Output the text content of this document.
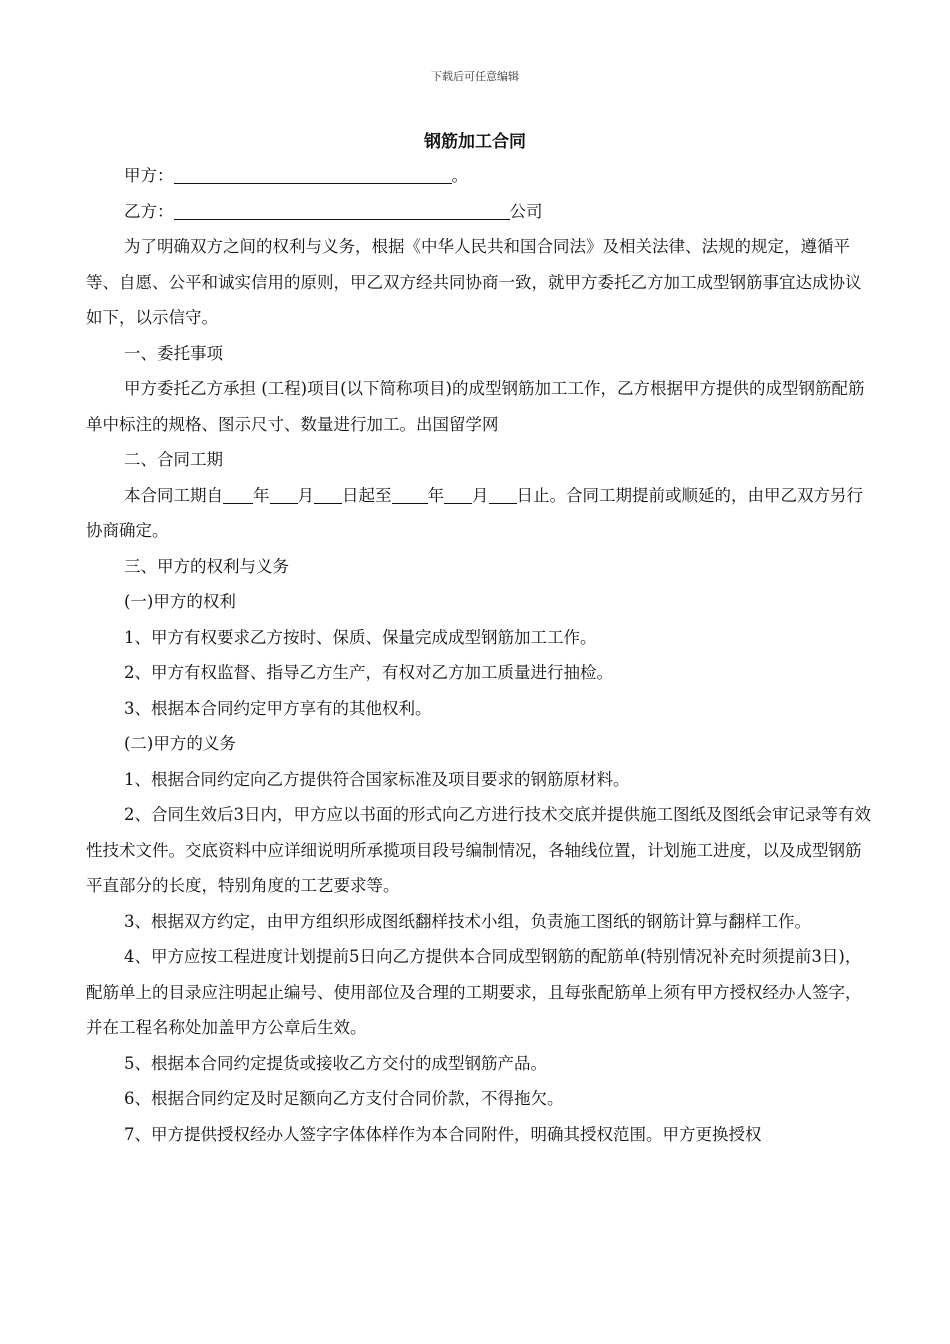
下载后可任意编辑
钢筋加工合同

甲方：	。

乙方：	公司

为了明确双方之间的权利与义务，根据《中华人民共和国合同法》及相关法律、法规的规定，遵循平等、自愿、公平和诚实信用的原则，甲乙双方经共同协商一致，就甲方委托乙方加工成型钢筋事宜达成协议如下，以示信守。

一、委托事项

甲方委托乙方承担 (工程)项目(以下简称项目)的成型钢筋加工工作，乙方根据甲方提供的成型钢筋配筋单中标注的规格、图示尺寸、数量进行加工。出国留学网

二、合同工期

本合同工期自 年 月 日起至 年 月 日止。合同工期提前或顺延的，由甲乙双方另行协商确定。

三、甲方的权利与义务

(一)甲方的权利

1、甲方有权要求乙方按时、保质、保量完成成型钢筋加工工作。

2、甲方有权监督、指导乙方生产，有权对乙方加工质量进行抽检。

3、根据本合同约定甲方享有的其他权利。

(二)甲方的义务

1、根据合同约定向乙方提供符合国家标准及项目要求的钢筋原材料。

2、合同生效后3日内，甲方应以书面的形式向乙方进行技术交底并提供施工图纸及图纸会审记录等有效性技术文件。交底资料中应详细说明所承揽项目段号编制情况，各轴线位置，计划施工进度，以及成型钢筋平直部分的长度，特别角度的工艺要求等。

3、根据双方约定，由甲方组织形成图纸翻样技术小组，负责施工图纸的钢筋计算与翻样工作。

4、甲方应按工程进度计划提前5日向乙方提供本合同成型钢筋的配筋单(特别情况补充时须提前3日)，配筋单上的目录应注明起止编号、使用部位及合理的工期要求，且每张配筋单上须有甲方授权经办人签字，并在工程名称处加盖甲方公章后生效。

5、根据本合同约定提货或接收乙方交付的成型钢筋产品。

6、根据合同约定及时足额向乙方支付合同价款，不得拖欠。

7、甲方提供授权经办人签字字体体样作为本合同附件，明确其授权范围。甲方更换授权
